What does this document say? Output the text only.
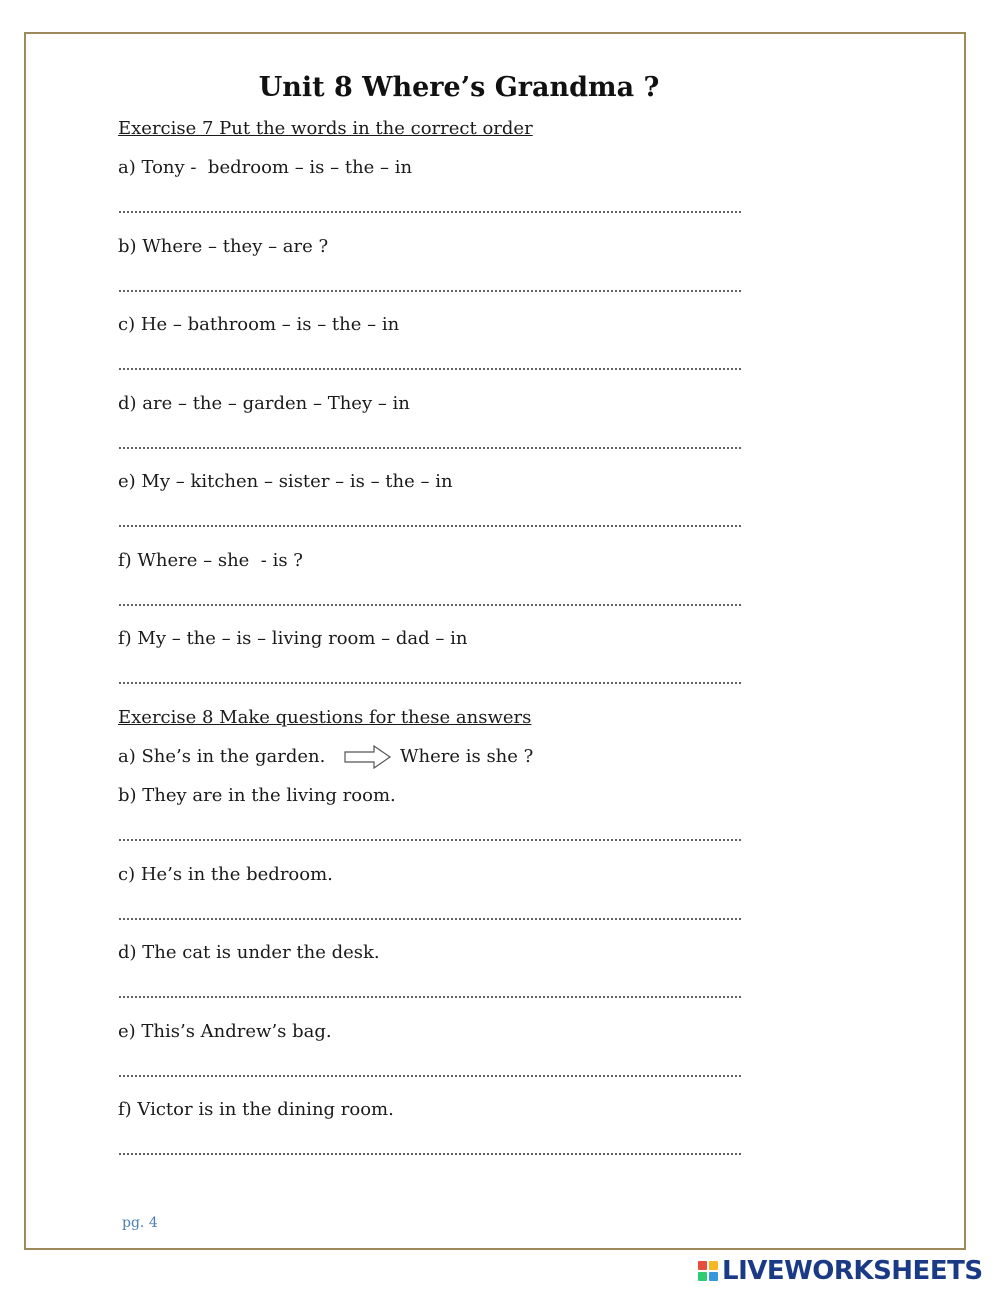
Unit 8 Where’s Grandma ?

Exercise 7 Put the words in the correct order

a) Tony -  bedroom – is – the – in

b) Where – they – are ?

c) He – bathroom – is – the – in

d) are – the – garden – They – in

e) My – kitchen – sister – is – the – in

f) Where – she  - is ?

f) My – the – is – living room – dad – in

Exercise 8 Make questions for these answers

a) She’s in the garden.	Where is she ?

b) They are in the living room.

c) He’s in the bedroom.

d) The cat is under the desk.

e) This’s Andrew’s bag.

f) Victor is in the dining room.

pg. 4

LIVEWORKSHEETS
